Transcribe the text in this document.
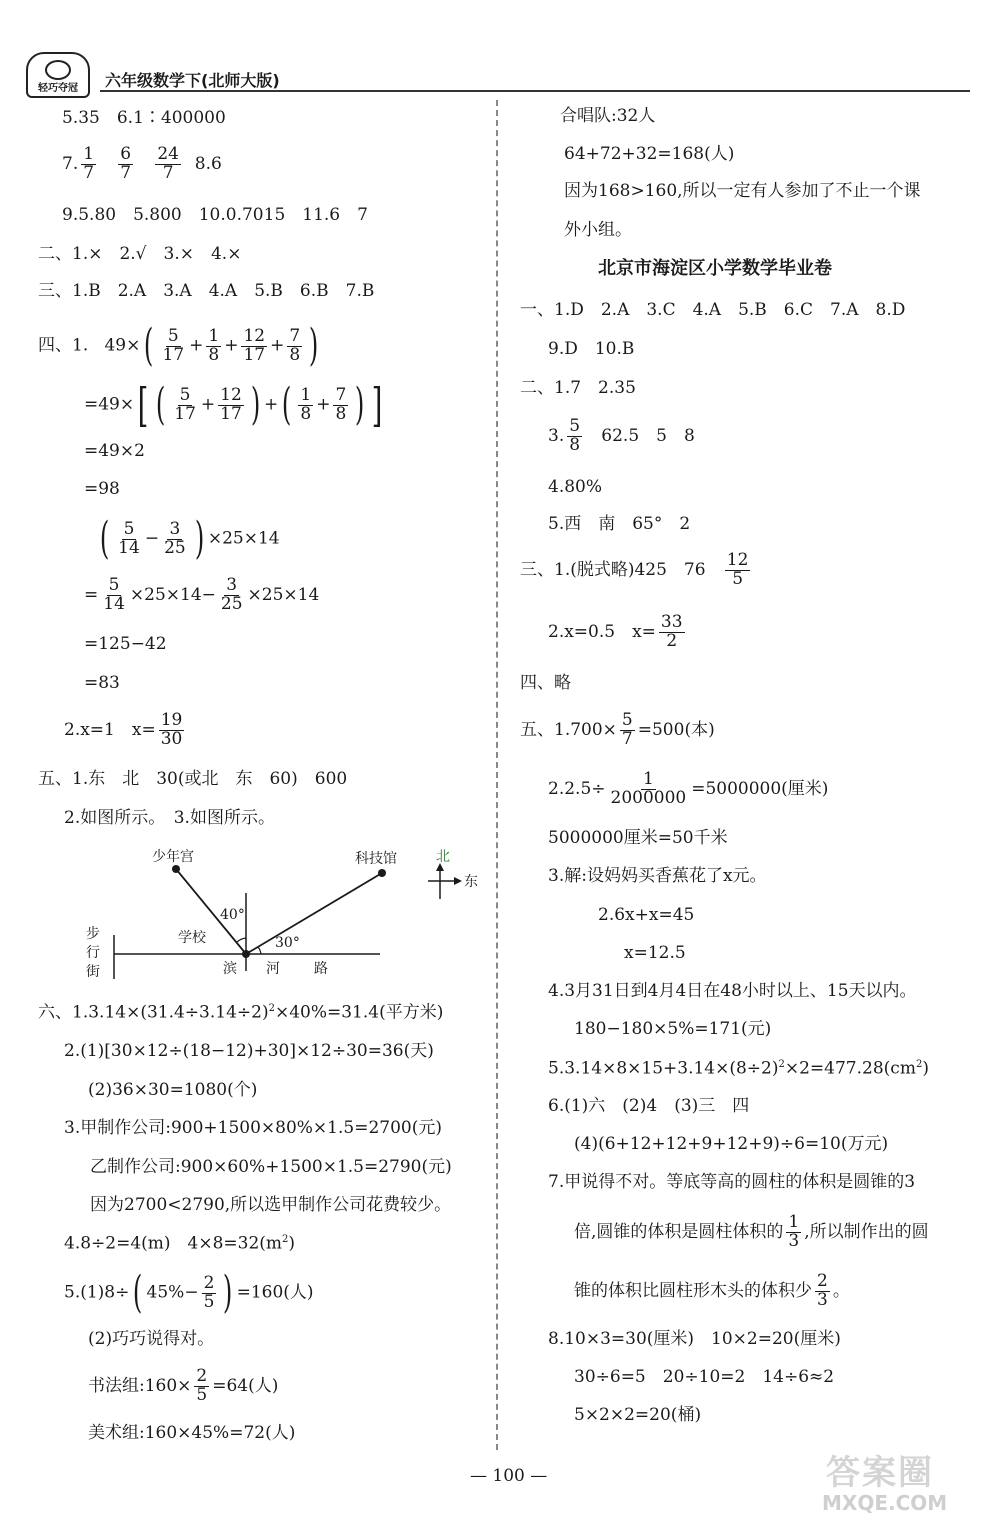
轻巧夺冠 六年级数学下(北师大版)
5.35　6.1∶400000
7. $\frac{1}{7}$
$\frac{6}{7}$
$\frac{24}{7} 8.6$
9.5.80　5.800　10.0.7015　11.6　7
二、1.×　2.√　3.×　4.×
三、1.B　2.A　3.A　4.A　5.B　6.B　7.B
四、1. $49\times( \frac{5}{17} + \frac{1}{8} + \frac{12}{17} + \frac{7}{8}$ )
=49×[ ( $\frac{5}{17} + \frac{12}{17}$ ) +( $\frac{1}{8} + \frac{7}{8}$ ) ]
=49×2
=98
( $\frac{5}{14} - \frac{3}{25}$ ) ×25×14
= $\frac{5}{14} \times 25\times 14- \frac{3}{25} \times 25\times 14$
=125−42
=83
2.x=1　$x= \frac{19}{30}$
五、1.东　北　30(或北　东　60)　600
2.如图所示。　3.如图所示。
少年宫	科技馆
40°
30°
学校
步
行
街	滨 河 路
北
东
六、$1.3.14\times(31.4\div 3.14\div 2)^2\times 40\%=31.4$(平方米)
2.(1)[30×12÷(18−12)+30]×12÷30=36(天)
(2)36×30=1080(个)
3.甲制作公司:900+1500×80%×1.5=2700(元)
乙制作公司:900×60%+1500×1.5=2790(元)
因为2700<2790,所以选甲制作公司花费较少。
4.8÷2=4(m)　$4\times 8=32(m^2)$
5.(1)8÷( $45\%- \frac{2}{5}$ ) =160(人)
(2)巧巧说得对。
书法组:160× $\frac{2}{5} =64$(人)
美术组:160×45%=72(人)
合唱队:32人
64+72+32=168(人)
因为168>160,所以一定有人参加了不止一个课
外小组。
北京市海淀区小学数学毕业卷
一、1.D　2.A　3.C　4.A　5.B　6.C　7.A　8.D
9.D　10.B
二、1.7　2.35
3. $\frac{5}{8} 62.5$　5　8
4.80%
5.西　南　65°　2
三、1.(脱式略)425　$76 \frac{12}{5}$
2.x=0.5　$x= \frac{33}{2}$
四、略
五、$1.700\times \frac{5}{7} =500$(本)
$2.2.5\div \frac{1}{2000000} =5000000$(厘米)
5000000厘米=50千米
3.解:设妈妈买香蕉花了x元。
2.6x+x=45
x=12.5
4.3月31日到4月4日在48小时以上、15天以内。
180−180×5%=171(元)
$5.3.14\times 8\times 15+3.14\times(8\div 2)^2\times 2=477.28(cm^2)$
6.(1)六　(2)4　(3)三　四
(4)(6+12+12+9+12+9)÷6=10(万元)
7.甲说得不对。等底等高的圆柱的体积是圆锥的3
倍,圆锥的体积是圆柱体积的 $\frac{1}{3}$ ,所以制作出的圆
锥的体积比圆柱形木头的体积少 $\frac{2}{3}$ 。
8.10×3=30(厘米)　10×2=20(厘米)
30÷6=5　20÷10=2　14÷6≈2
5×2×2=20(桶)
— 100 —	答案圈
MXQE.COM
